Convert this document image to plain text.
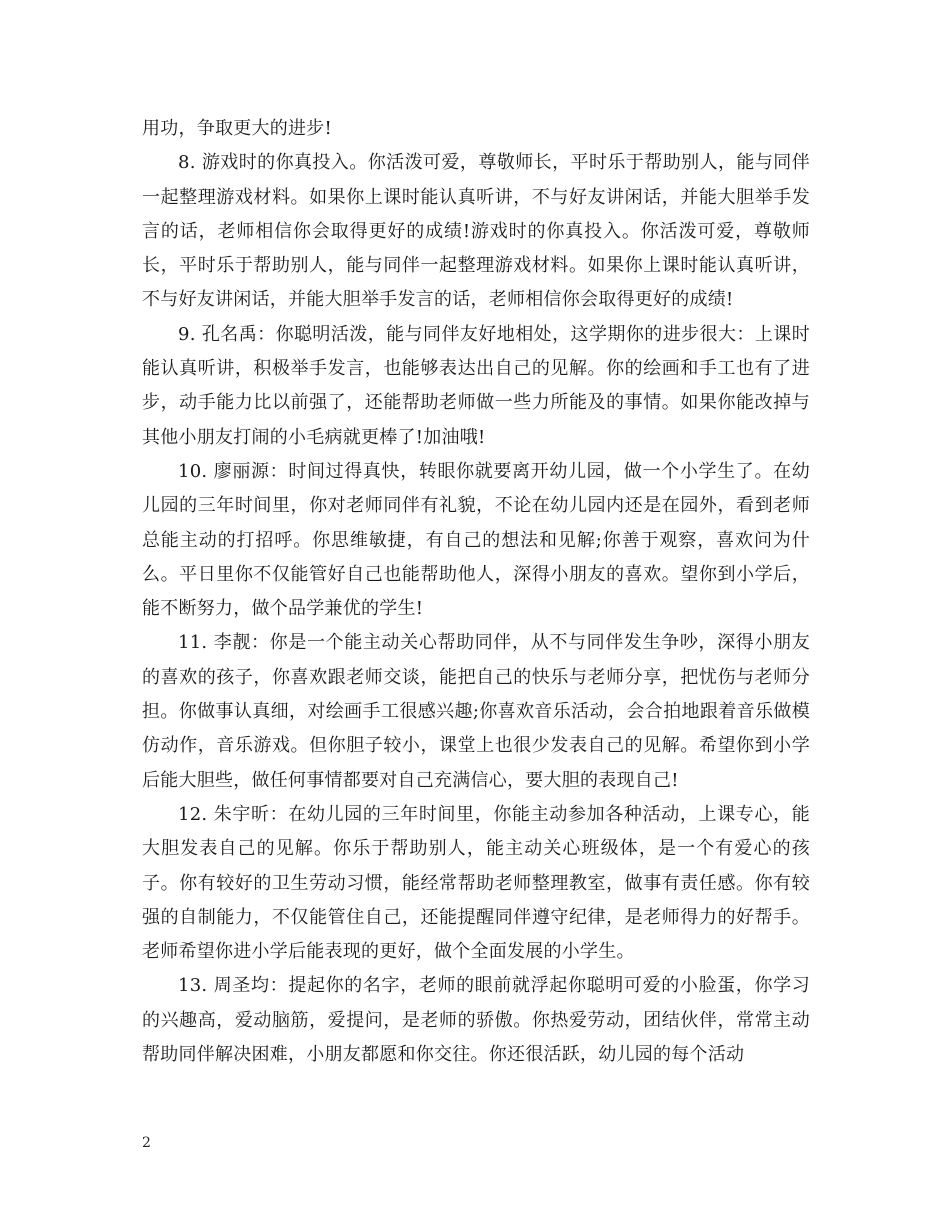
用功，争取更大的进步!

8. 游戏时的你真投入。你活泼可爱，尊敬师长，平时乐于帮助别人，能与同伴一起整理游戏材料。如果你上课时能认真听讲，不与好友讲闲话，并能大胆举手发言的话，老师相信你会取得更好的成绩!游戏时的你真投入。你活泼可爱，尊敬师长，平时乐于帮助别人，能与同伴一起整理游戏材料。如果你上课时能认真听讲，不与好友讲闲话，并能大胆举手发言的话，老师相信你会取得更好的成绩!

9. 孔名禹：你聪明活泼，能与同伴友好地相处，这学期你的进步很大：上课时能认真听讲，积极举手发言，也能够表达出自己的见解。你的绘画和手工也有了进步，动手能力比以前强了，还能帮助老师做一些力所能及的事情。如果你能改掉与其他小朋友打闹的小毛病就更棒了!加油哦!

10. 廖丽源：时间过得真快，转眼你就要离开幼儿园，做一个小学生了。在幼儿园的三年时间里，你对老师同伴有礼貌，不论在幼儿园内还是在园外，看到老师总能主动的打招呼。你思维敏捷，有自己的想法和见解;你善于观察，喜欢问为什么。平日里你不仅能管好自己也能帮助他人，深得小朋友的喜欢。望你到小学后，能不断努力，做个品学兼优的学生!

11. 李靓：你是一个能主动关心帮助同伴，从不与同伴发生争吵，深得小朋友的喜欢的孩子，你喜欢跟老师交谈，能把自己的快乐与老师分享，把忧伤与老师分担。你做事认真细，对绘画手工很感兴趣;你喜欢音乐活动，会合拍地跟着音乐做模仿动作，音乐游戏。但你胆子较小，课堂上也很少发表自己的见解。希望你到小学后能大胆些，做任何事情都要对自己充满信心，要大胆的表现自己!

12. 朱宇昕：在幼儿园的三年时间里，你能主动参加各种活动，上课专心，能大胆发表自己的见解。你乐于帮助别人，能主动关心班级体，是一个有爱心的孩子。你有较好的卫生劳动习惯，能经常帮助老师整理教室，做事有责任感。你有较强的自制能力，不仅能管住自己，还能提醒同伴遵守纪律，是老师得力的好帮手。老师希望你进小学后能表现的更好，做个全面发展的小学生。

13. 周圣均：提起你的名字，老师的眼前就浮起你聪明可爱的小脸蛋，你学习的兴趣高，爱动脑筋，爱提问，是老师的骄傲。你热爱劳动，团结伙伴，常常主动帮助同伴解决困难，小朋友都愿和你交往。你还很活跃，幼儿园的每个活动

2
